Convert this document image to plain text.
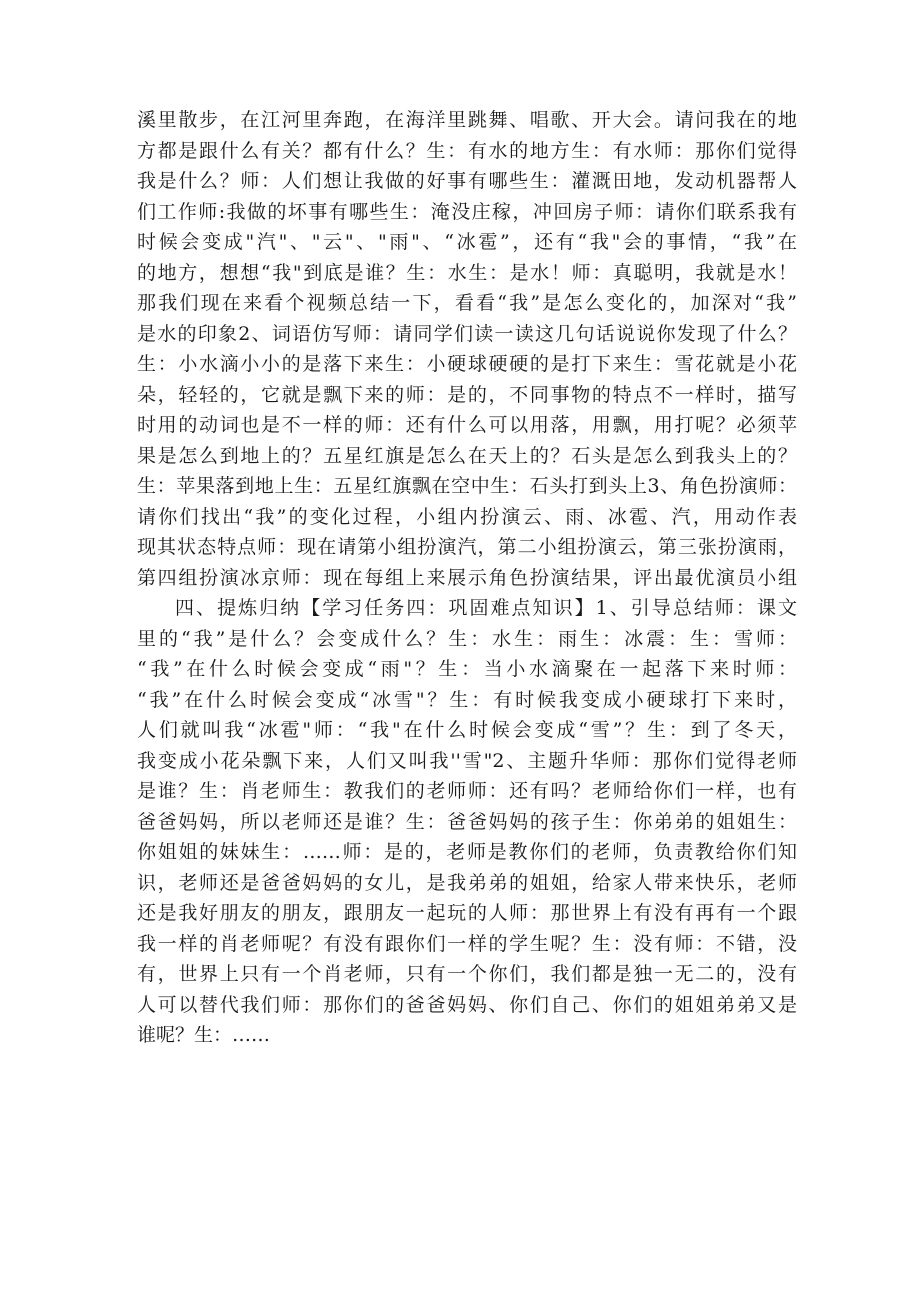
溪里散步，在江河里奔跑，在海洋里跳舞、唱歌、开大会。请问我在的地
方都是跟什么有关？都有什么？生：有水的地方生：有水师：那你们觉得
我是什么？师：人们想让我做的好事有哪些生：灌溉田地，发动机器帮人
们工作师:我做的坏事有哪些生：淹没庄稼，冲回房子师：请你们联系我有
时候会变成"汽"、"云"、"雨"、“冰雹”，还有“我"会的事情，“我”在
的地方，想想“我"到底是谁？生：水生：是水！师：真聪明，我就是水！
那我们现在来看个视频总结一下，看看“我”是怎么变化的，加深对“我”
是水的印象2、词语仿写师：请同学们读一读这几句话说说你发现了什么？
生：小水滴小小的是落下来生：小硬球硬硬的是打下来生：雪花就是小花
朵，轻轻的，它就是飘下来的师：是的，不同事物的特点不一样时，描写
时用的动词也是不一样的师：还有什么可以用落，用飘，用打呢？必须苹
果是怎么到地上的？五星红旗是怎么在天上的？石头是怎么到我头上的？
生：苹果落到地上生：五星红旗飘在空中生：石头打到头上3、角色扮演师：
请你们找出“我”的变化过程，小组内扮演云、雨、冰雹、汽，用动作表
现其状态特点师：现在请第小组扮演汽，第二小组扮演云，第三张扮演雨，
第四组扮演冰京师：现在每组上来展示角色扮演结果，评出最优演员小组
四、提炼归纳【学习任务四：巩固难点知识】1、引导总结师：课文
里的“我”是什么？会变成什么？生：水生：雨生：冰震：生：雪师：
“我”在什么时候会变成“雨"？生：当小水滴聚在一起落下来时师：
“我”在什么时候会变成“冰雪"？生：有时候我变成小硬球打下来时，
人们就叫我“冰雹"师：“我"在什么时候会变成“雪”？生：到了冬天，
我变成小花朵飘下来，人们又叫我''雪"2、主题升华师：那你们觉得老师
是谁？生：肖老师生：教我们的老师师：还有吗？老师给你们一样，也有
爸爸妈妈，所以老师还是谁？生：爸爸妈妈的孩子生：你弟弟的姐姐生：
你姐姐的妹妹生：……师：是的，老师是教你们的老师，负责教给你们知
识，老师还是爸爸妈妈的女儿，是我弟弟的姐姐，给家人带来快乐，老师
还是我好朋友的朋友，跟朋友一起玩的人师：那世界上有没有再有一个跟
我一样的肖老师呢？有没有跟你们一样的学生呢？生：没有师：不错，没
有，世界上只有一个肖老师，只有一个你们，我们都是独一无二的，没有
人可以替代我们师：那你们的爸爸妈妈、你们自己、你们的姐姐弟弟又是
谁呢？生：……
